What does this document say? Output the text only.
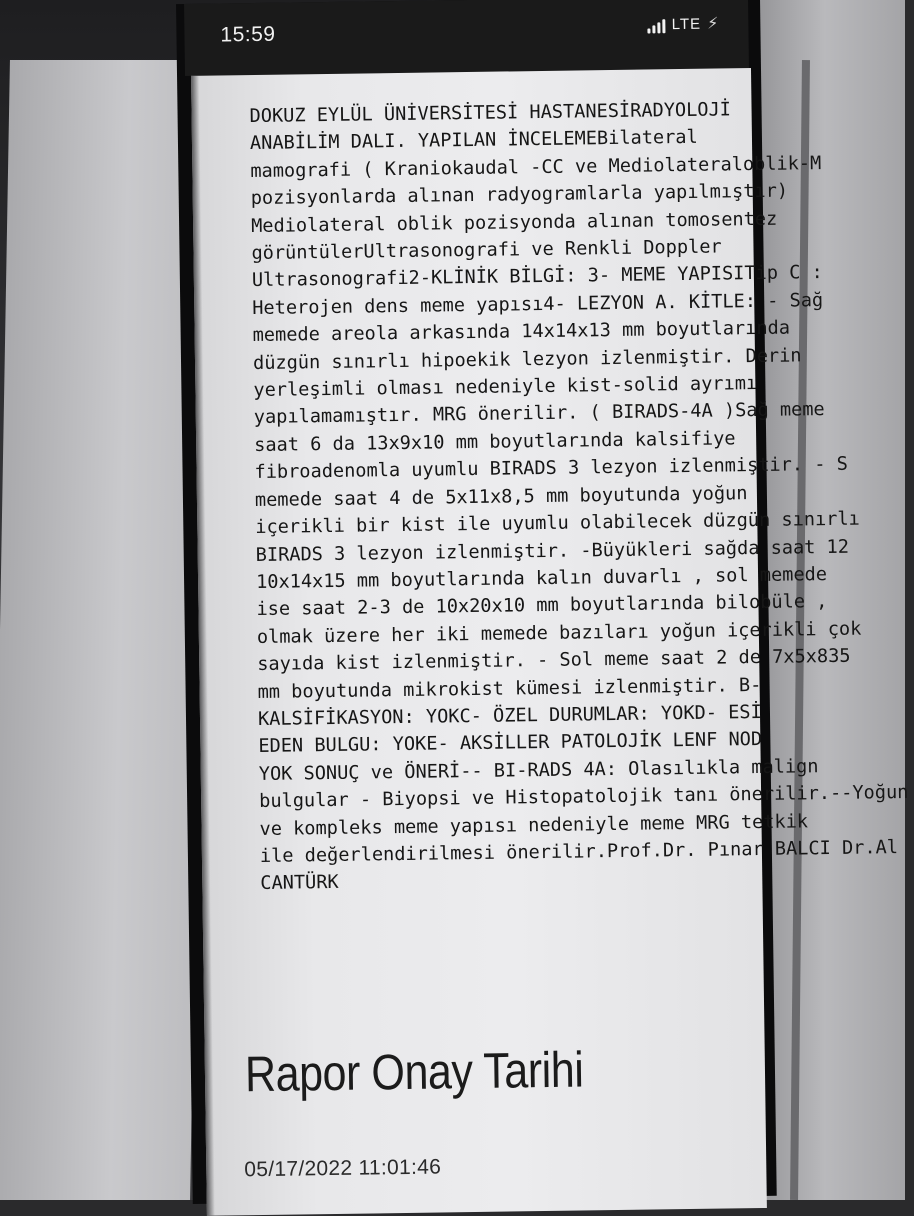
15:59	LTE ⚡
DOKUZ EYLÜL ÜNİVERSİTESİ HASTANESİRADYOLOJİ
ANABİLİM DALI. YAPILAN İNCELEMEBilateral
mamografi ( Kraniokaudal -CC ve Mediolateraloblik-M
pozisyonlarda alınan radyogramlarla yapılmıştır)
Mediolateral oblik pozisyonda alınan tomosentez
görüntülerUltrasonografi ve Renkli Doppler
Ultrasonografi2-KLİNİK BİLGİ: 3- MEME YAPISITip C :
Heterojen dens meme yapısı4- LEZYON A. KİTLE: - Sağ
memede areola arkasında 14x14x13 mm boyutlarında
düzgün sınırlı hipoekik lezyon izlenmiştir. Derin
yerleşimli olması nedeniyle kist-solid ayrımı
yapılamamıştır. MRG önerilir. ( BIRADS-4A )Sağ meme
saat 6 da 13x9x10 mm boyutlarında kalsifiye
fibroadenomla uyumlu BIRADS 3 lezyon izlenmiştir. - S
memede saat 4 de 5x11x8,5 mm boyutunda yoğun
içerikli bir kist ile uyumlu olabilecek düzgün sınırlı
BIRADS 3 lezyon izlenmiştir. -Büyükleri sağda saat 12
10x14x15 mm boyutlarında kalın duvarlı , sol memede
ise saat 2-3 de 10x20x10 mm boyutlarında bilobüle ,
olmak üzere her iki memede bazıları yoğun içerikli çok
sayıda kist izlenmiştir. - Sol meme saat 2 de 7x5x835
mm boyutunda mikrokist kümesi izlenmiştir. B-
KALSİFİKASYON: YOKC- ÖZEL DURUMLAR: YOKD- ESİ
EDEN BULGU: YOKE- AKSİLLER PATOLOJİK LENF NOD
YOK SONUÇ ve ÖNERİ-- BI-RADS 4A: Olasılıkla malign
bulgular - Biyopsi ve Histopatolojik tanı önerilir.--Yoğun
ve kompleks meme yapısı nedeniyle meme MRG tetkik
ile değerlendirilmesi önerilir.Prof.Dr. Pınar BALCI Dr.Al
CANTÜRK
Rapor Onay Tarihi
05/17/2022 11:01:46
